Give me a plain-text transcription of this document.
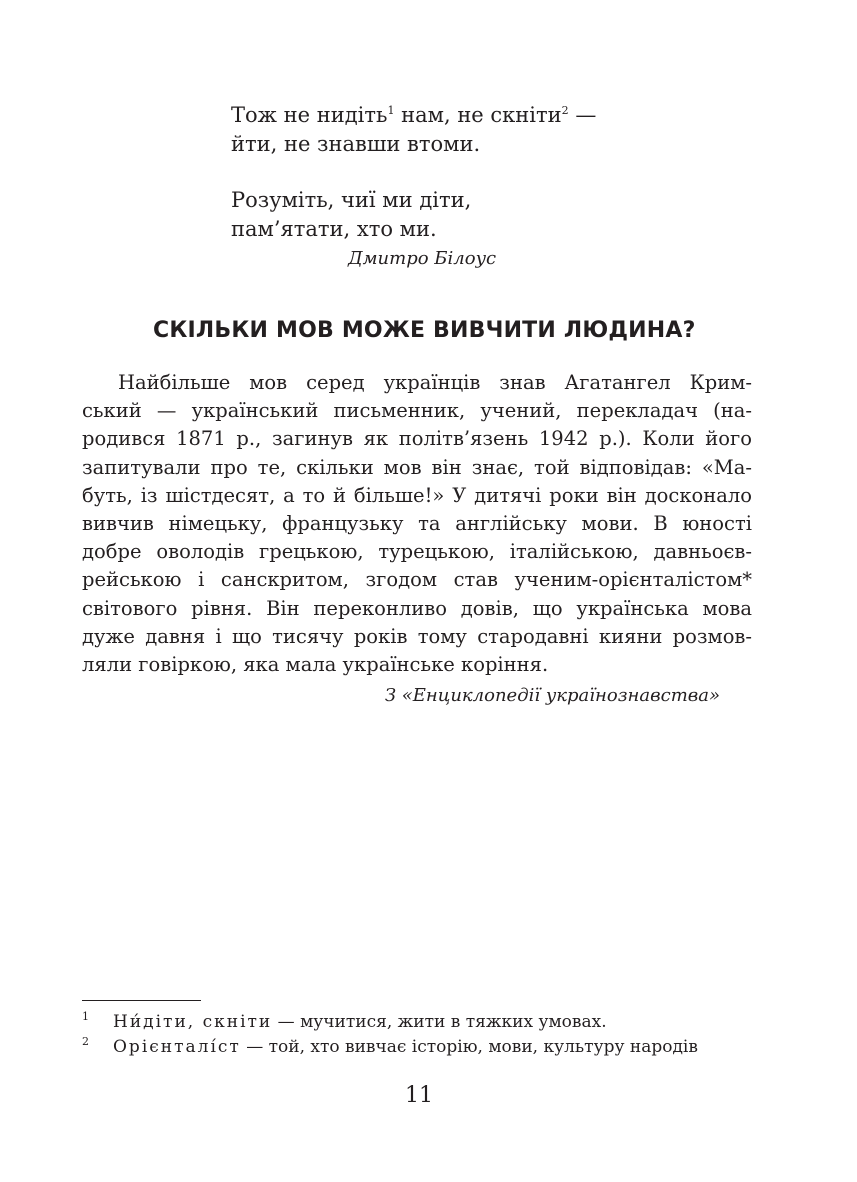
Тож не нидіть$^1$ нам, не скніти$^2$ —
йти, не знавши втоми.
Розуміть, чиї ми діти,
пам’ятати, хто ми.
Дмитро Білоус
СКІЛЬКИ МОВ МОЖЕ ВИВЧИТИ ЛЮДИНА?
Найбільше мов серед українців знав Агатангел Крим-
ський — український письменник, учений, перекладач (на-
родився 1871 р., загинув як політв’язень 1942 р.). Коли його
запитували про те, скільки мов він знає, той відповідав: «Ма-
буть, із шістдесят, а то й більше!» У дитячі роки він досконало
вивчив німецьку, французьку та англійську мови. В юності
добре оволодів грецькою, турецькою, італійською, давньоєв-
рейською і санскритом, згодом став ученим-орієнталістом*
світового рівня. Він переконливо довів, що українська мова
дуже давня і що тисячу років тому стародавні кияни розмов-
ляли говіркою, яка мала українське коріння.
З «Енциклопедії українознавства»
1 Ни́діти, скніти — мучитися, жити в тяжких умовах.
2 Орієнталі́ст — той, хто вивчає історію, мови, культуру народів
11
